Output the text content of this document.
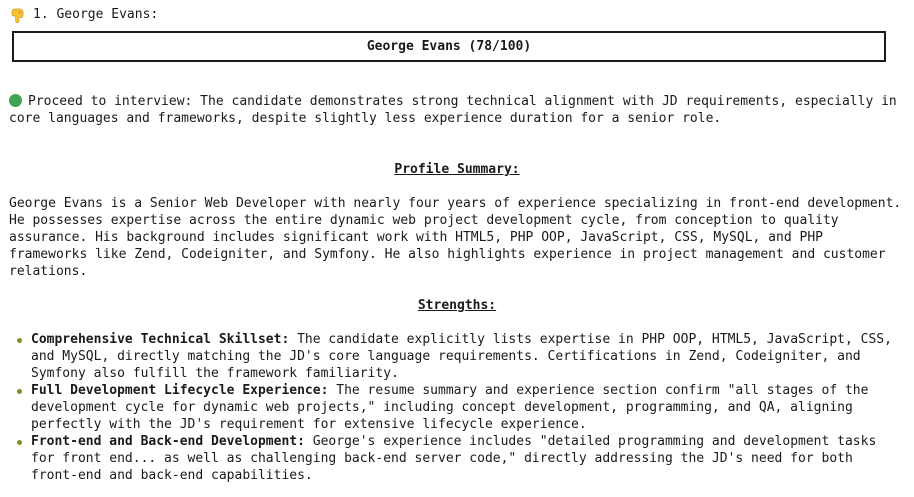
1. George Evans:
George Evans (78/100)
Proceed to interview: The candidate demonstrates strong technical alignment with JD requirements, especially in core languages and frameworks, despite slightly less experience duration for a senior role.
Profile Summary:
George Evans is a Senior Web Developer with nearly four years of experience specializing in front-end development. He possesses expertise across the entire dynamic web project development cycle, from conception to quality assurance. His background includes significant work with HTML5, PHP OOP, JavaScript, CSS, MySQL, and PHP frameworks like Zend, Codeigniter, and Symfony. He also highlights experience in project management and customer relations.
Strengths:
Comprehensive Technical Skillset: The candidate explicitly lists expertise in PHP OOP, HTML5, JavaScript, CSS, and MySQL, directly matching the JD's core language requirements. Certifications in Zend, Codeigniter, and Symfony also fulfill the framework familiarity.
Full Development Lifecycle Experience: The resume summary and experience section confirm "all stages of the development cycle for dynamic web projects," including concept development, programming, and QA, aligning perfectly with the JD's requirement for extensive lifecycle experience.
Front-end and Back-end Development: George's experience includes "detailed programming and development tasks for front end... as well as challenging back-end server code," directly addressing the JD's need for both front-end and back-end capabilities.
